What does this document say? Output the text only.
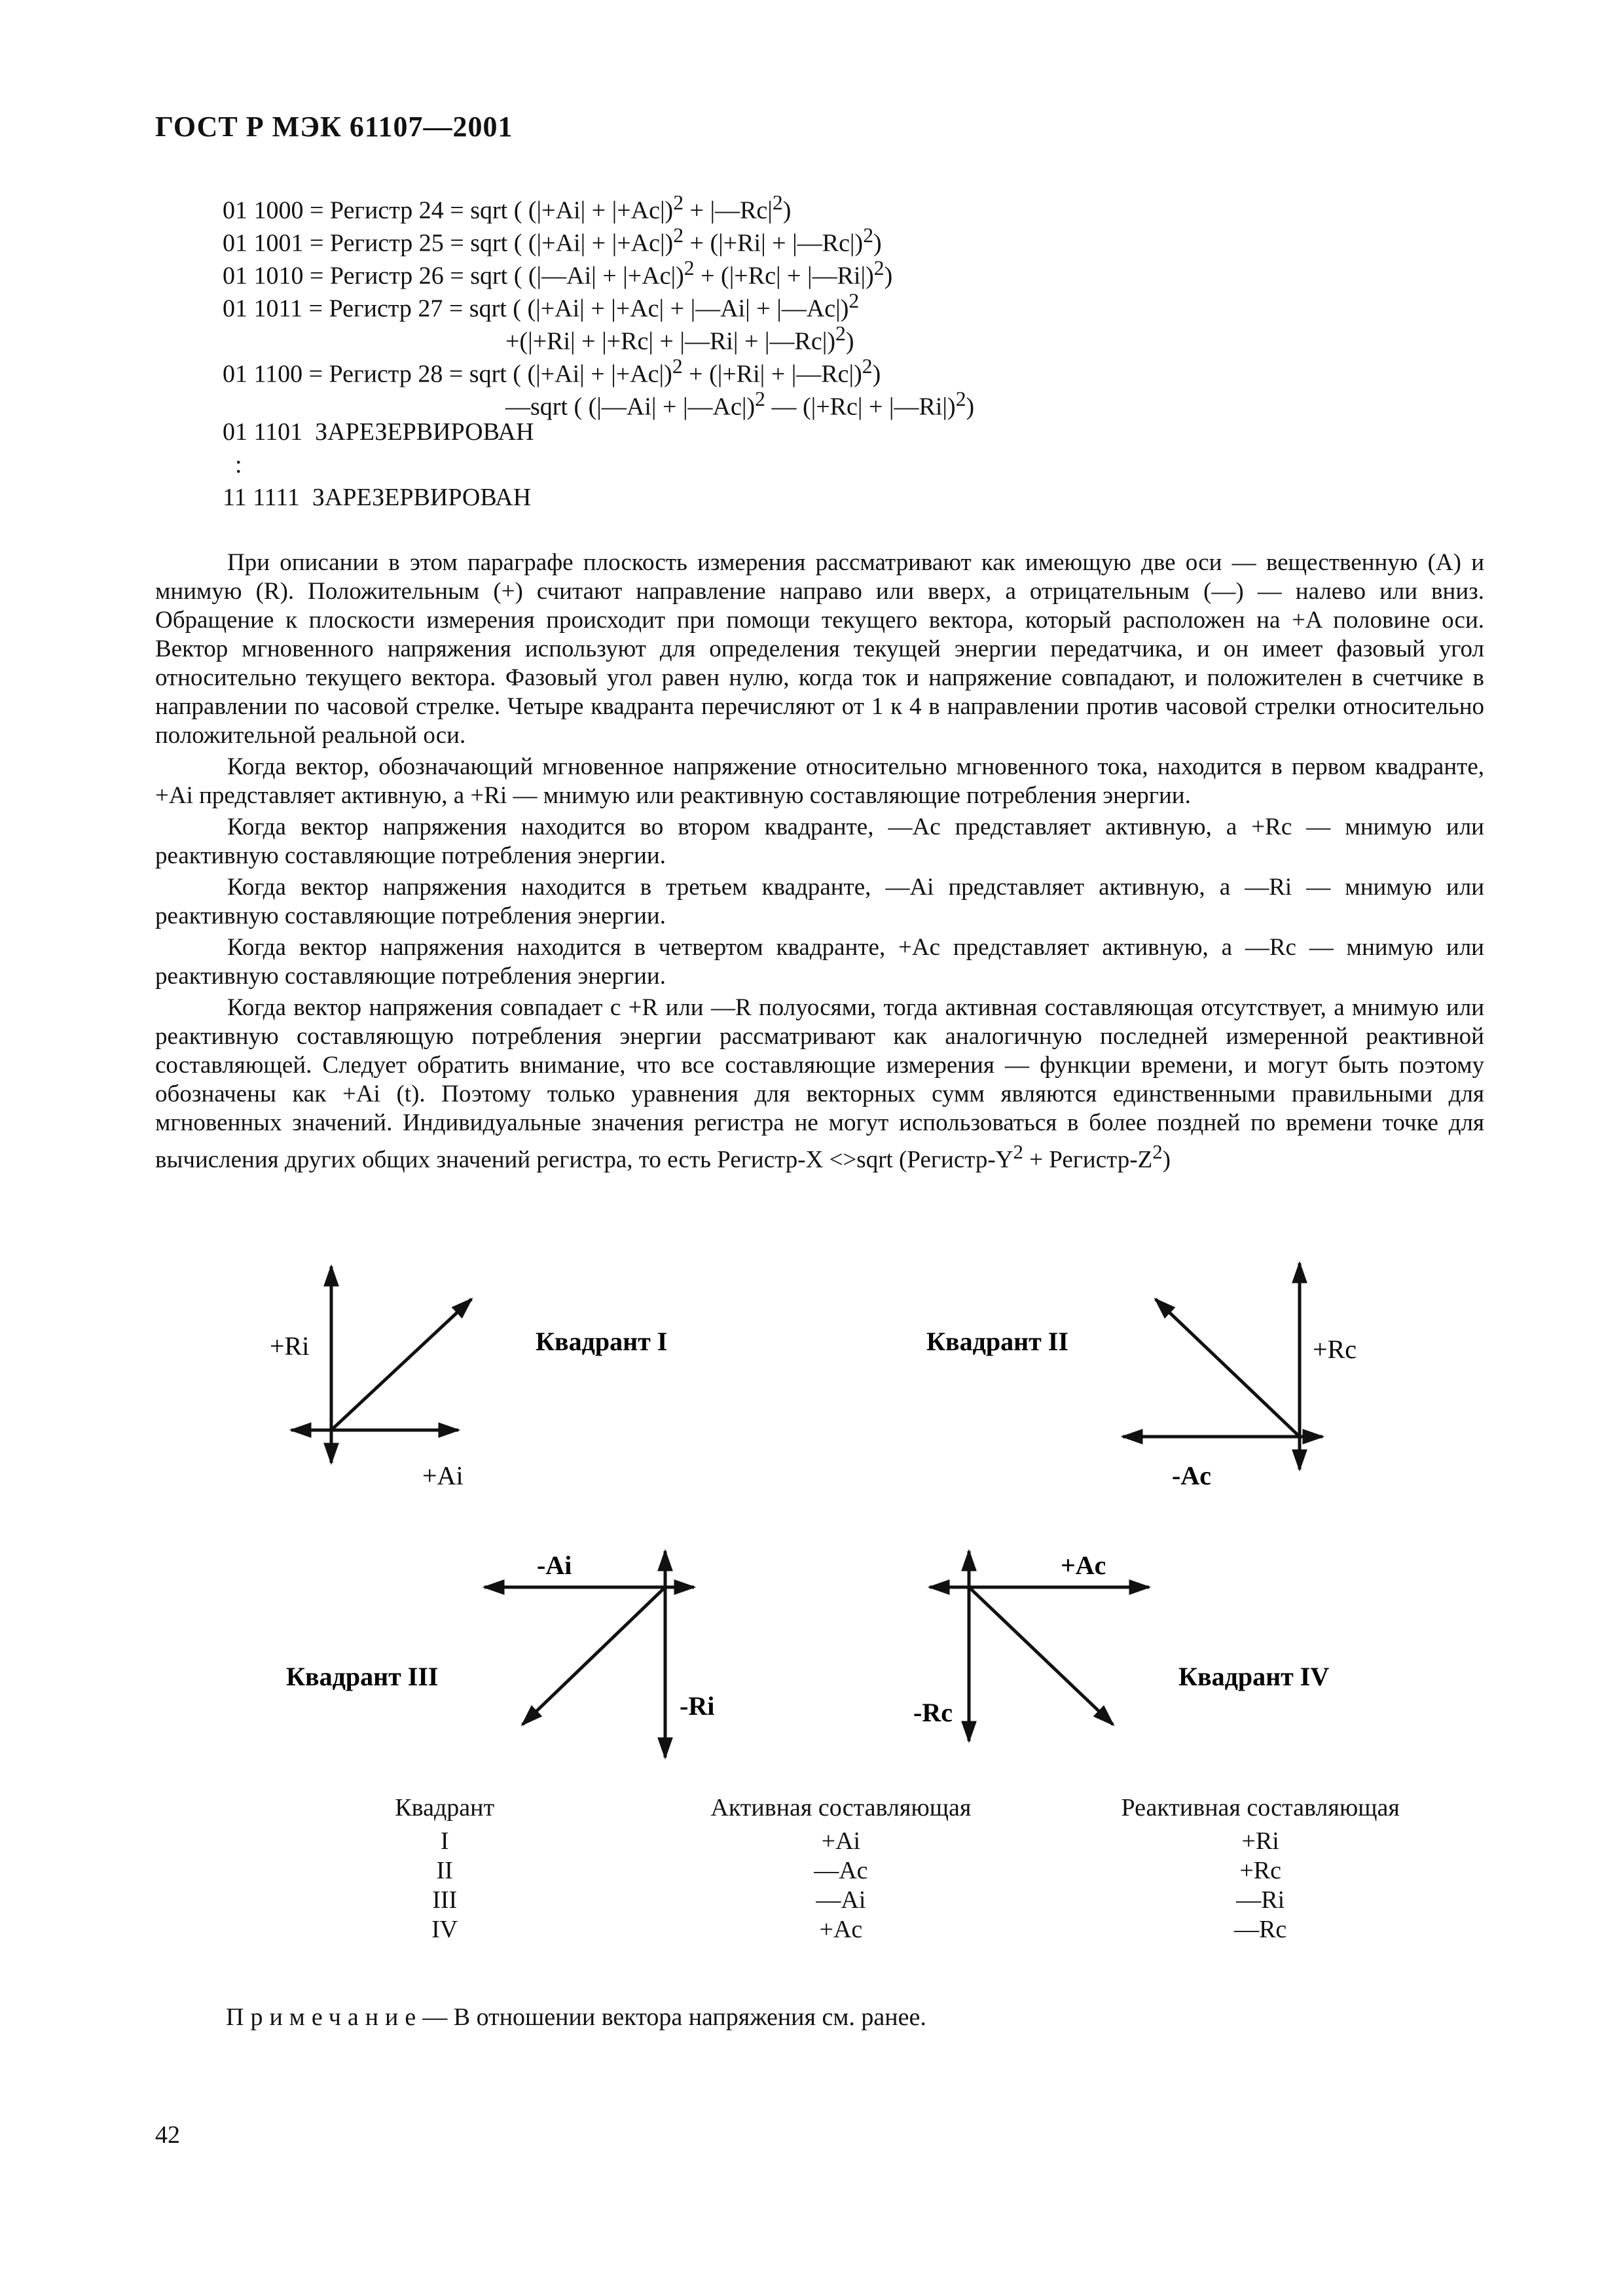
ГОСТ Р МЭК 61107—2001
01 1000 = Регистр 24 = sqrt ( $(|+Ai| + |+Ac|)^2$ + $|—Rc|^2$)
01 1001 = Регистр 25 = sqrt ( $(|+Ai| + |+Ac|)^2 + (|+Ri|$ + |—Rc|)$^2$)
01 1010 = Регистр 26 = sqrt ( (|—Ai| + |+Ac|)$^2$ + (|+Rc| + |—Ri|)$^2$)
01 1011 = Регистр 27 = sqrt ( (|+Ai| + |+Ac| + |—Ai| + |—Ac|)$^2$
+(|+Ri| + |+Rc| + |—Ri| + |—Rc|)$^2$)
01 1100 = Регистр 28 = sqrt ( $(|+Ai| + |+Ac|)^2 + (|+Ri|$ + |—Rc|)$^2$)
—sqrt ( (|—Ai| + |—Ac|)$^2$ — (|+Rc| + |—Ri|)$^2$)
01 1101  ЗАРЕЗЕРВИРОВАН
:
11 1111  ЗАРЕЗЕРВИРОВАН

При описании в этом параграфе плоскость измерения рассматривают как имеющую две оси — вещественную (A) и мнимую (R). Положительным (+) считают направление направо или вверх, а отрицательным (—) — налево или вниз. Обращение к плоскости измерения происходит при помощи текущего вектора, который расположен на +A половине оси. Вектор мгновенного напряжения используют для определения текущей энергии передатчика, и он имеет фазовый угол относительно текущего вектора. Фазовый угол равен нулю, когда ток и напряжение совпадают, и положителен в счетчике в направлении по часовой стрелке. Четыре квадранта перечисляют от 1 к 4 в направлении против часовой стрелки относительно положительной реальной оси.

Когда вектор, обозначающий мгновенное напряжение относительно мгновенного тока, находится в первом квадранте, +Ai представляет активную, а +Ri — мнимую или реактивную составляющие потребления энергии.

Когда вектор напряжения находится во втором квадранте, —Ac представляет активную, а +Rc — мнимую или реактивную составляющие потребления энергии.

Когда вектор напряжения находится в третьем квадранте, —Ai представляет активную, а —Ri — мнимую или реактивную составляющие потребления энергии.

Когда вектор напряжения находится в четвертом квадранте, +Ac представляет активную, а —Rc — мнимую или реактивную составляющие потребления энергии.

Когда вектор напряжения совпадает с +R или —R полуосями, тогда активная составляющая отсутствует, а мнимую или реактивную составляющую потребления энергии рассматривают как аналогичную последней измеренной реактивной составляющей. Следует обратить внимание, что все составляющие измерения — функции времени, и могут быть поэтому обозначены как +Ai (t). Поэтому только уравнения для векторных сумм являются единственными правильными для мгновенных значений. Индивидуальные значения регистра не могут использоваться в более поздней по времени точке для вычисления других общих значений регистра, то есть Регистр-X <>sqrt ($Регистр-Y^2$ + Регистр-$Z^2$)

+Ri
+Ai
Квадрант I	+Rc
-Ac
Квадрант II
-Ri
-Ai
Квадрант III
-Rc
+Ac
Квадрант IV
Квадрант	Активная составляющая	Реактивная составляющая
I	+Ai	+Ri
II	—Ac	+Rc
III	—Ai	—Ri
IV	+Ac	—Rc
Примечание— В отношении вектора напряжения см. ранее.
42
